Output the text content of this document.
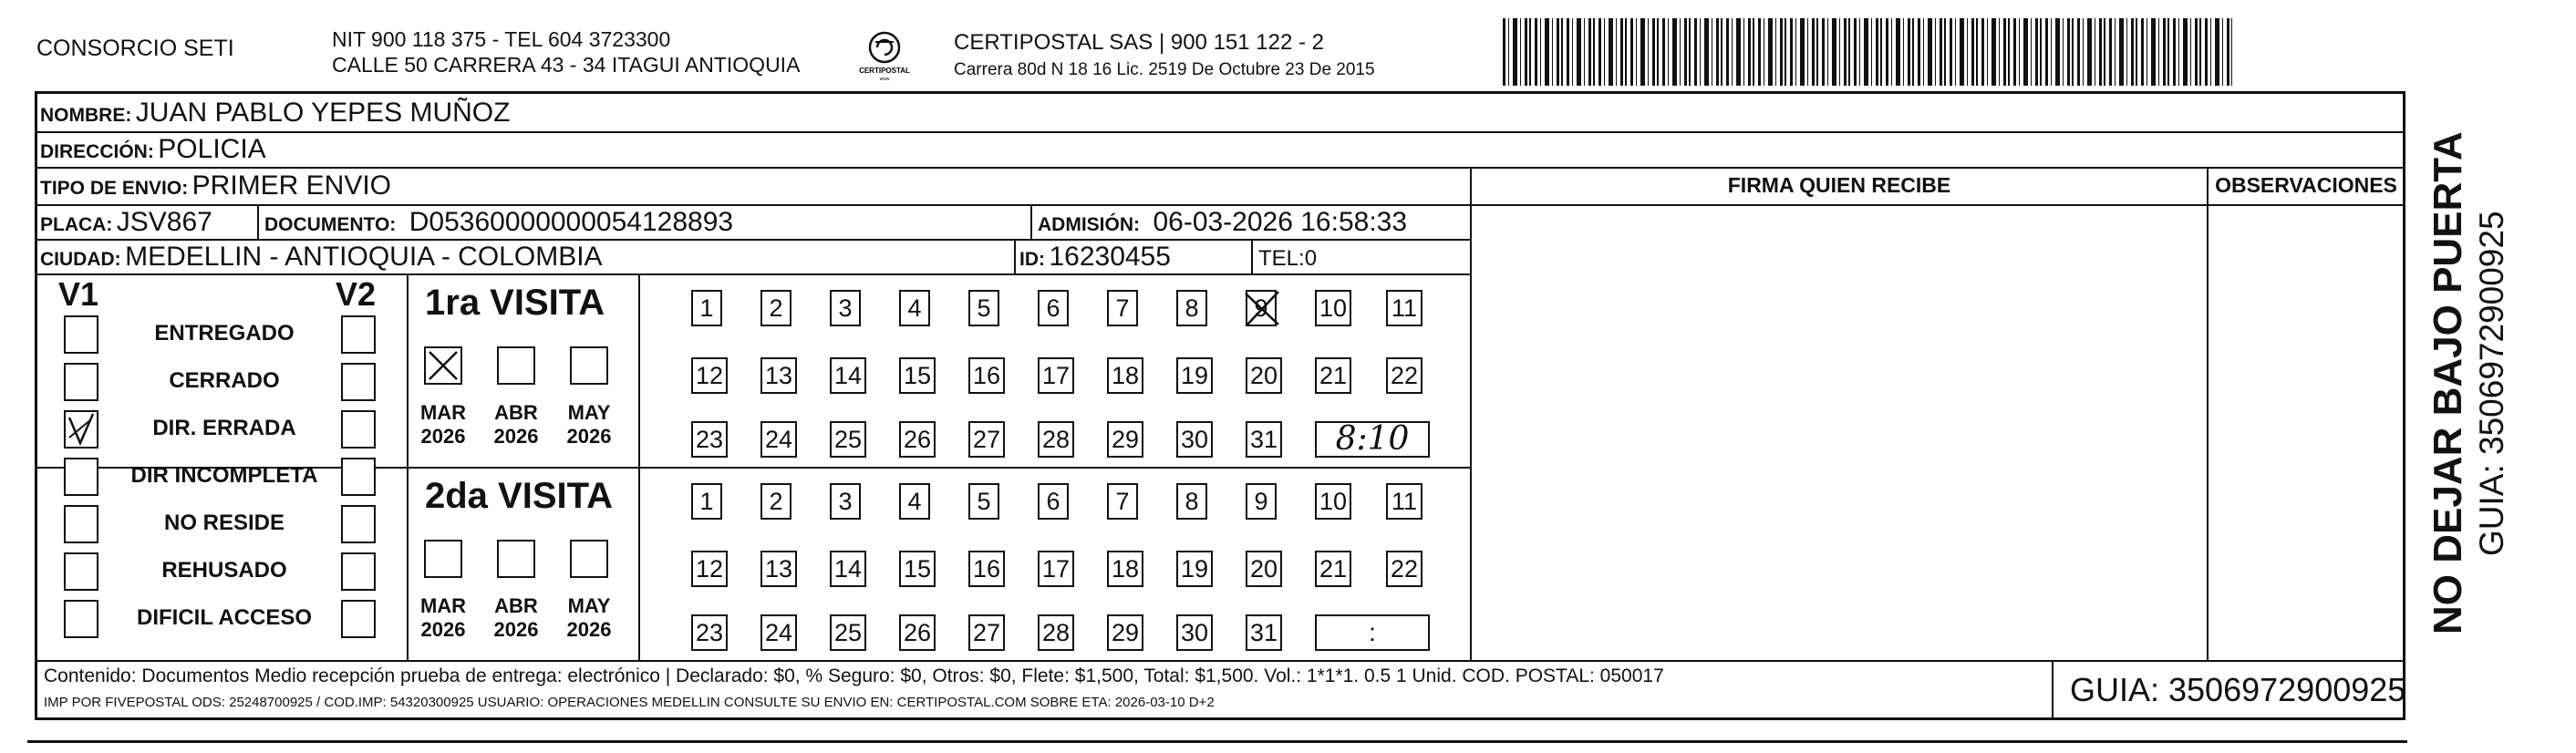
CONSORCIO SETI	NIT 900 118 375 - TEL 604 3723300
CALLE 50 CARRERA 43 - 34 ITAGUI ANTIOQUIA	CERTIPOSTAL
www
CERTIPOSTAL SAS | 900 151 122 - 2
Carrera 80d N 18 16 Lic. 2519 De Octubre 23 De 2015
NOMBRE: JUAN PABLO YEPES MUÑOZ
DIRECCIÓN: POLICIA
TIPO DE ENVIO: PRIMER ENVIO	FIRMA QUIEN RECIBE	OBSERVACIONES
PLACA: JSV867	DOCUMENTO: D05360000000054128893	ADMISIÓN: 06-03-2026 16:58:33
CIUDAD: MEDELLIN - ANTIOQUIA - COLOMBIA	ID: 16230455	TEL:0
V1	V2
ENTREGADO
CERRADO
DIR. ERRADA
DIR INCOMPLETA
NO RESIDE
REHUSADO
DIFICIL ACCESO
1ra VISITA
2da VISITA
MAR
2026
ABR
2026
MAY
2026
MAR
2026
ABR
2026
MAY
2026
1	2	3	4	5	6	7	8	9	10 11
12 13 14 15 16 17 18 19 20 21 22
23 24 25 26 27 28 29 30 31	8:10
1	2	3	4	5	6	7	8	9	10 11
12 13 14 15 16 17 18 19 20 21 22
23 24 25 26 27 28 29 30 31	:	NO DEJAR BAJO PUERTA GUIA: 3506972900925
Contenido: Documentos Medio recepción prueba de entrega: electrónico | Declarado: $0, % Seguro: $0, Otros: $0, Flete: $1,500, Total: $1,500. Vol.: 1*1*1. 0.5 1 Unid. COD. POSTAL: 050017
IMP POR FIVEPOSTAL ODS: 25248700925 / COD.IMP: 54320300925 USUARIO: OPERACIONES MEDELLIN CONSULTE SU ENVIO EN: CERTIPOSTAL.COM SOBRE ETA: 2026-03-10 D+2	GUIA: 3506972900925
